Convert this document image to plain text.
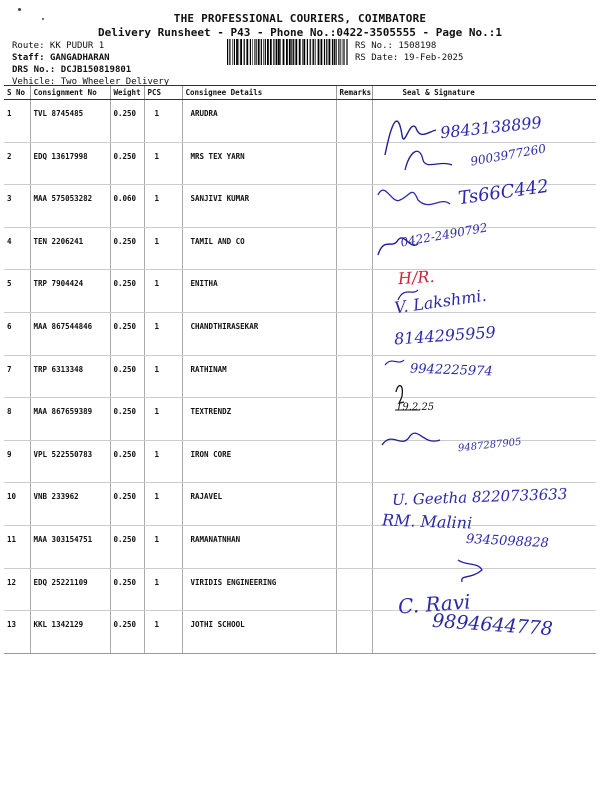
THE PROFESSIONAL COURIERS, COIMBATORE
Delivery Runsheet - P43 - Phone No.:0422-3505555 - Page No.:1
Route: KK PUDUR 1
Staff: GANGADHARAN
DRS No.: DCJB150819801
Vehicle: Two Wheeler Delivery
RS No.: 1508198
RS Date: 19-Feb-2025
S No	Consignment No	Weight	PCS	Consignee Details	Remarks	Seal & Signature
1	TVL 8745485	0.250	1	ARUDRA		
2	EDQ 13617998	0.250	1	MRS TEX YARN		
3	MAA 575053282	0.060	1	SANJIVI KUMAR		
4	TEN 2206241	0.250	1	TAMIL AND CO		
5	TRP 7904424	0.250	1	ENITHA		
6	MAA 867544846	0.250	1	CHANDTHIRASEKAR		
7	TRP 6313348	0.250	1	RATHINAM		
8	MAA 867659389	0.250	1	TEXTRENDZ		
9	VPL 522550783	0.250	1	IRON CORE		
10	VNB 233962	0.250	1	RAJAVEL		
11	MAA 303154751	0.250	1	RAMANATNHAN		
12	EDQ 25221109	0.250	1	VIRIDIS ENGINEERING		
13	KKL 1342129	0.250	1	JOTHI SCHOOL		
9843138899
9003977260
Ts66C442
0422-2490792
H/R.
V. Lakshmi.
8144295959
9942225974
19.2.25
9487287905
U. Geetha 8220733633
RM. Malini
9345098828
C. Ravi
9894644778
